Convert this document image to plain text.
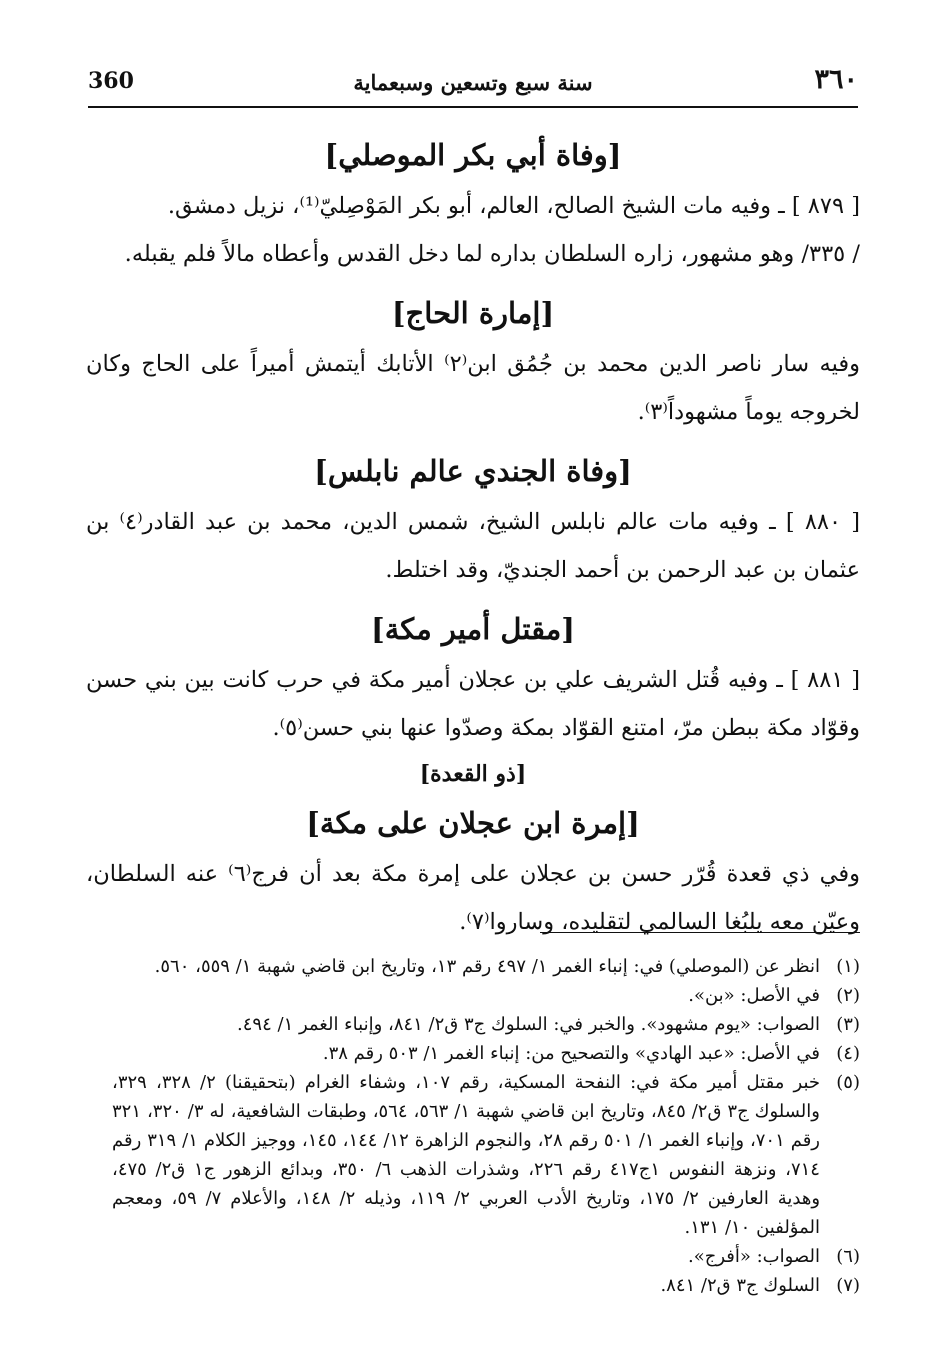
360	سنة سبع وتسعين وسبعماية	٣٦٠
[وفاة أبي بكر الموصلي]

[ ٨٧٩ ] ـ وفيه مات الشيخ الصالح، العالم، أبو بكر المَوْصِليّ⁽¹⁾، نزيل دمشق.

/ ٣٣٥/ وهو مشهور، زاره السلطان بداره لما دخل القدس وأعطاه مالاً فلم يقبله.

[إمارة الحاج]

وفيه سار ناصر الدين محمد بن جُمُق ابن⁽٢⁾ الأتابك أيتمش أميراً على الحاج وكان لخروجه يوماً مشهوداً⁽٣⁾.

[وفاة الجندي عالم نابلس]

[ ٨٨٠ ] ـ وفيه مات عالم نابلس الشيخ، شمس الدين، محمد بن عبد القادر⁽٤⁾ بن عثمان بن عبد الرحمن بن أحمد الجنديّ، وقد اختلط.

[مقتل أمير مكة]

[ ٨٨١ ] ـ وفيه قُتل الشريف علي بن عجلان أمير مكة في حرب كانت بين بني حسن وقوّاد مكة ببطن مرّ، امتنع القوّاد بمكة وصدّوا عنها بني حسن⁽٥⁾.

[ذو القعدة]
[إمرة ابن عجلان على مكة]

وفي ذي قعدة قُرّر حسن بن عجلان على إمرة مكة بعد أن فرج⁽٦⁾ عنه السلطان، وعيّن معه يلبُغا السالمي لتقليده، وساروا⁽٧⁾.

(١)
انظر عن (الموصلي) في: إنباء الغمر ١/ ٤٩٧ رقم ١٣، وتاريخ ابن قاضي شهبة ١/ ٥٥٩، ٥٦٠.
(٢)
في الأصل: «بن».
(٣)
الصواب: «يوم مشهود». والخبر في: السلوك ج٣ ق٢/ ٨٤١، وإنباء الغمر ١/ ٤٩٤.
(٤)
في الأصل: «عبد الهادي» والتصحيح من: إنباء الغمر ١/ ٥٠٣ رقم ٣٨.
(٥)
خبر مقتل أمير مكة في: النفحة المسكية، رقم ١٠٧، وشفاء الغرام (بتحقيقنا) ٢/ ٣٢٨، ٣٢٩، والسلوك ج٣ ق٢/ ٨٤٥، وتاريخ ابن قاضي شهبة ١/ ٥٦٣، ٥٦٤، وطبقات الشافعية، له ٣/ ٣٢٠، ٣٢١ رقم ٧٠١، وإنباء الغمر ١/ ٥٠١ رقم ٢٨، والنجوم الزاهرة ١٢/ ١٤٤، ١٤٥، ووجيز الكلام ١/ ٣١٩ رقم ٧١٤، ونزهة النفوس ١ج٤١٧ رقم ٢٢٦، وشذرات الذهب ٦/ ٣٥٠، وبدائع الزهور ج١ ق٢/ ٤٧٥، وهدية العارفين ٢/ ١٧٥، وتاريخ الأدب العربي ٢/ ١١٩، وذيله ٢/ ١٤٨، والأعلام ٧/ ٥٩، ومعجم المؤلفين ١٠/ ١٣١.
(٦)
الصواب: «أفرج».
(٧)
السلوك ج٣ ق٢/ ٨٤١.
